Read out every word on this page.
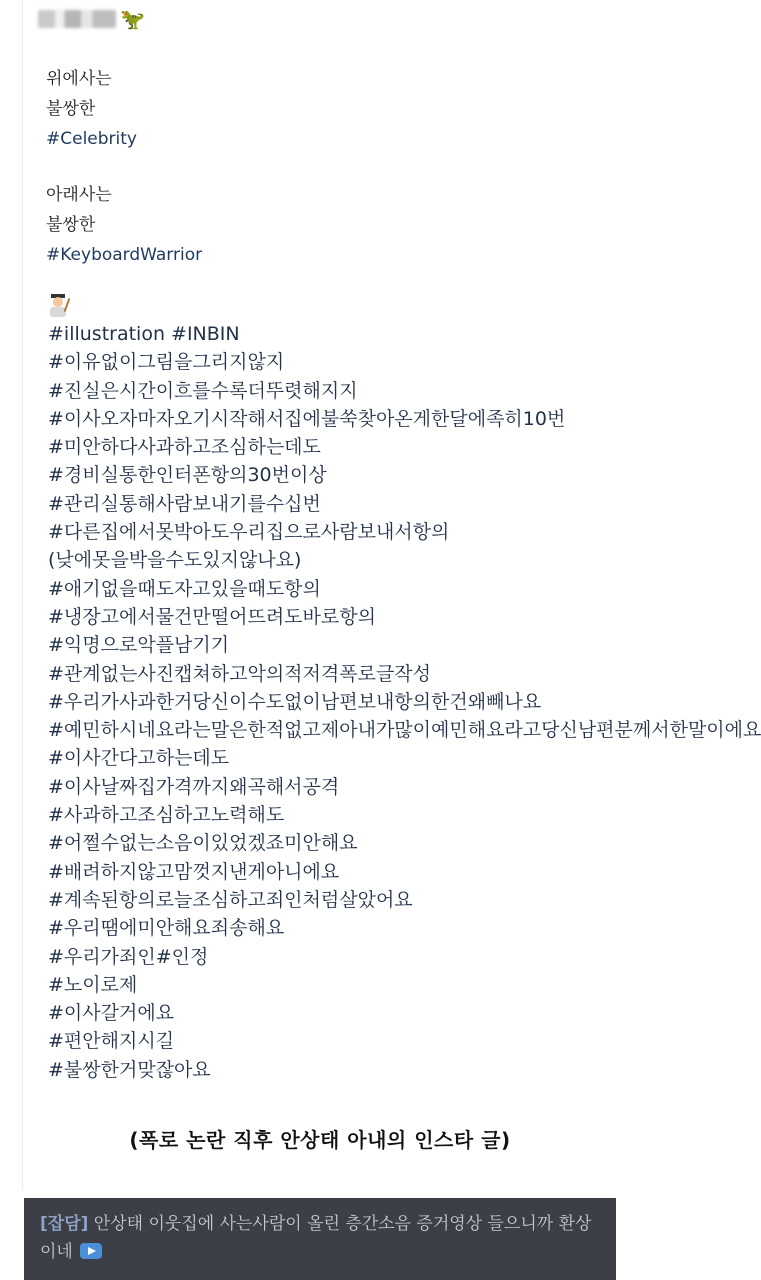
🦖
위에사는
불쌍한
#Celebrity
아래사는
불쌍한
#KeyboardWarrior
#illustration #INBIN
#이유없이그림을그리지않지
#진실은시간이흐를수록더뚜렷해지지
#이사오자마자오기시작해서집에불쑥찾아온게한달에족히10번
#미안하다사과하고조심하는데도
#경비실통한인터폰항의30번이상
#관리실통해사람보내기를수십번
#다른집에서못박아도우리집으로사람보내서항의
(낮에못을박을수도있지않나요)
#애기없을때도자고있을때도항의
#냉장고에서물건만떨어뜨려도바로항의
#익명으로악플남기기
#관계없는사진캡쳐하고악의적저격폭로글작성
#우리가사과한거당신이수도없이남편보내항의한건왜빼나요
#예민하시네요라는말은한적없고제아내가많이예민해요라고당신남편분께서한말이에요
#이사간다고하는데도
#이사날짜집가격까지왜곡해서공격
#사과하고조심하고노력해도
#어쩔수없는소음이있었겠죠미안해요
#배려하지않고맘껏지낸게아니에요
#계속된항의로늘조심하고죄인처럼살았어요
#우리땜에미안해요죄송해요
#우리가죄인#인정
#노이로제
#이사갈거에요
#편안해지시길
#불쌍한거맞잖아요
(폭로 논란 직후 안상태 아내의 인스타 글)
[잡담] 안상태 이웃집에 사는사람이 올린 층간소음 증거영상 들으니까 환상이네
